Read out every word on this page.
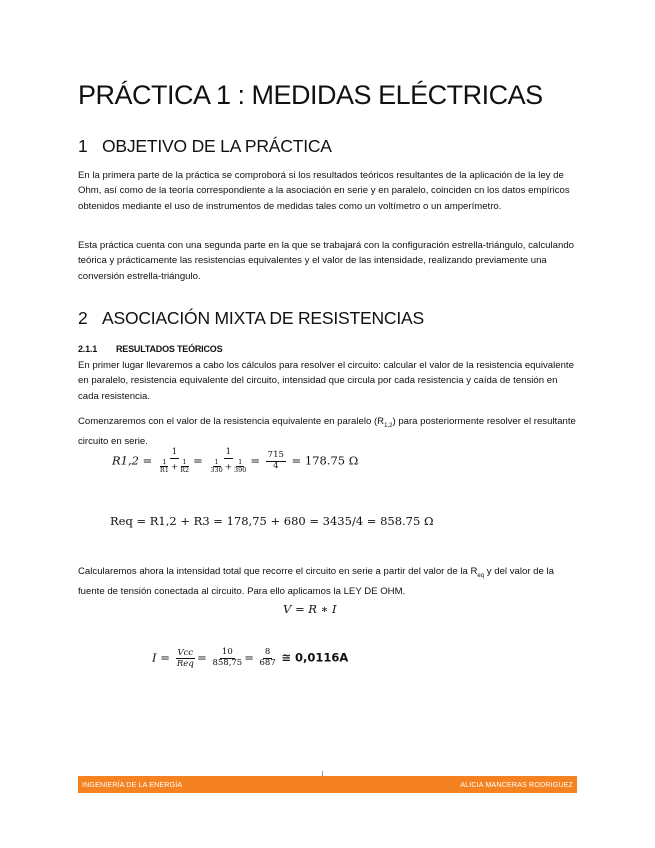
PRÁCTICA 1 : MEDIDAS ELÉCTRICAS
1 OBJETIVO DE LA PRÁCTICA
En la primera parte de la práctica se comproborá si los resultados teóricos resultantes de la aplicación de la ley de Ohm, así como de la teoría correspondiente a la asociación en serie y en paralelo, coinciden cn los datos empíricos obtenidos mediante el uso de instrumentos de medidas tales como un voltímetro o un amperímetro.
Esta práctica cuenta con una segunda parte en la que se trabajará con la configuración estrella-triángulo, calculando teórica y prácticamente las resistencias equivalentes y el valor de las intensidade, realizando previamente una conversión estrella-triángulo.
2 ASOCIACIÓN MIXTA DE RESISTENCIAS
2.1.1 RESULTADOS TEÓRICOS
En primer lugar llevaremos a cabo los cálculos para resolver el circuito: calcular el valor de la resistencia equivalente en paralelo, resistencia equivalente del circuito, intensidad que circula por cada resistencia y caída de tensión en cada resistencia.
Comenzaremos con el valor de la resistencia equivalente en paralelo $(R_{1,2})$ para posteriormente resolver el resultante circuito en serie.
$R1,2 = \frac{1}{\frac{1}{R1} + \frac{1}{R2}} = \frac{1}{\frac{1}{330} + \frac{1}{390}} = \frac{715}{4} = 178.75$ Ω
Req = R1,2 + R3 = 178,75 + 680 = 3435/4 = 858.75 Ω
Calcularemos ahora la intensidad total que recorre el circuito en serie a partir del valor de la $R_{eq}$ y del valor de la fuente de tensión conectada al circuito. Para ello aplicamos la LEY DE OHM.
V = R ∗ I
$I = \frac{\text{Vcc}}{\text{Req}} = \frac{10}{858,75} = \frac{8}{687}$ ≅ 0,0116A
INGENIERÍA DE LA ENERGÍA	ALICIA MANCERAS RODRIGUEZ
